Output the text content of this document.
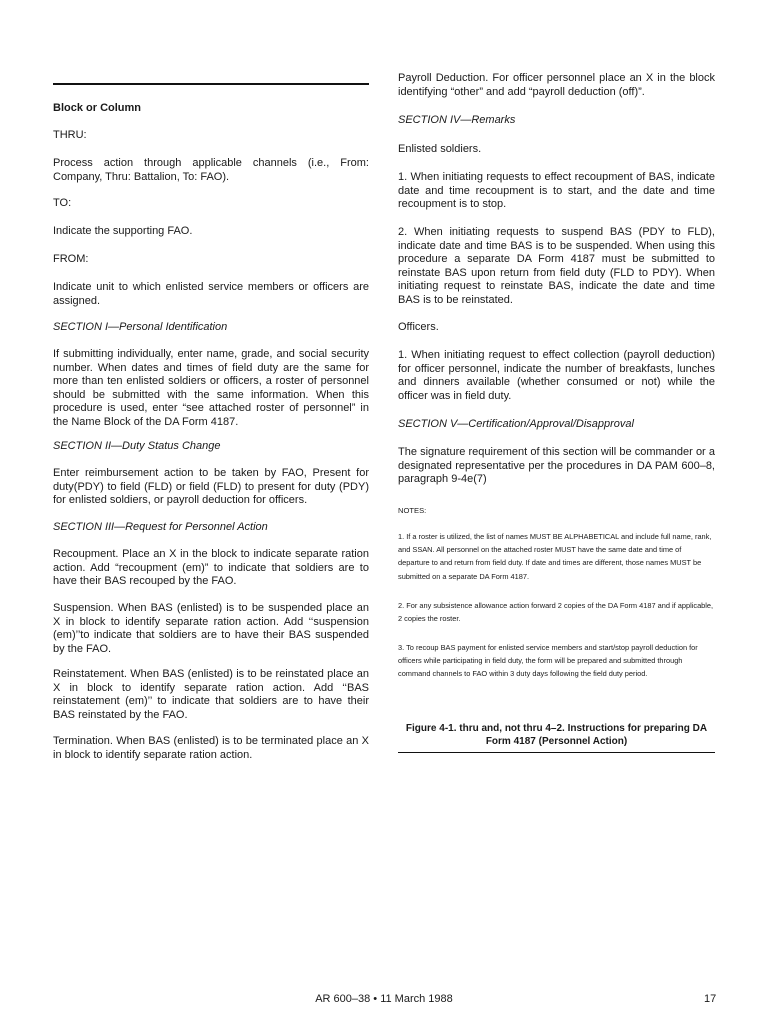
Block or Column

THRU:

Process action through applicable channels (i.e., From: Company, Thru: Battalion, To: FAO).

TO:

Indicate the supporting FAO.

FROM:

Indicate unit to which enlisted service members or officers are assigned.

SECTION I—Personal Identification

If submitting individually, enter name, grade, and social security number. When dates and times of field duty are the same for more than ten enlisted soldiers or officers, a roster of personnel should be submitted with the same information. When this procedure is used, enter “see attached roster of personnel” in the Name Block of the DA Form 4187.

SECTION II—Duty Status Change

Enter reimbursement action to be taken by FAO, Present for duty(PDY) to field (FLD) or field (FLD) to present for duty (PDY) for enlisted soldiers, or payroll deduction for officers.

SECTION III—Request for Personnel Action

Recoupment. Place an X in the block to indicate separate ration action. Add “recoupment (em)” to indicate that soldiers are to have their BAS recouped by the FAO.

Suspension. When BAS (enlisted) is to be suspended place an X in block to identify separate ration action. Add ‘‘suspension (em)’’to indicate that soldiers are to have their BAS suspended by the FAO.

Reinstatement. When BAS (enlisted) is to be reinstated place an X in block to identify separate ration action. Add ‘‘BAS reinstatement (em)’’ to indicate that soldiers are to have their BAS reinstated by the FAO.

Termination. When BAS (enlisted) is to be terminated place an X in block to identify separate ration action.

Payroll Deduction. For officer personnel place an X in the block identifying “other” and add “payroll deduction (off)”.

SECTION IV—Remarks

Enlisted soldiers.

1. When initiating requests to effect recoupment of BAS, indicate date and time recoupment is to start, and the date and time recoupment is to stop.

2. When initiating requests to suspend BAS (PDY to FLD), indicate date and time BAS is to be suspended. When using this procedure a separate DA Form 4187 must be submitted to reinstate BAS upon return from field duty (FLD to PDY). When initiating request to reinstate BAS, indicate the date and time BAS is to be reinstated.

Officers.

1. When initiating request to effect collection (payroll deduction) for officer personnel, indicate the number of breakfasts, lunches and dinners available (whether consumed or not) while the officer was in field duty.

SECTION V—Certification/Approval/Disapproval

The signature requirement of this section will be commander or a designated representative per the procedures in DA PAM 600–8, paragraph 9-4e(7)

NOTES:

1. If a roster is utilized, the list of names MUST BE ALPHABETICAL and include full name, rank, and SSAN. All personnel on the attached roster MUST have the same date and time of departure to and return from field duty. If date and times are different, those names MUST be submitted on a separate DA Form 4187.

2. For any subsistence allowance action forward 2 copies of the DA Form 4187 and if applicable, 2 copies the roster.

3. To recoup BAS payment for enlisted service members and start/stop payroll deduction for officers while participating in field duty, the form will be prepared and submitted through command channels to FAO within 3 duty days following the field duty period.

Figure 4-1. thru and, not thru 4–2. Instructions for preparing DA Form 4187 (Personnel Action)

AR 600–38 • 11 March 1988	17
